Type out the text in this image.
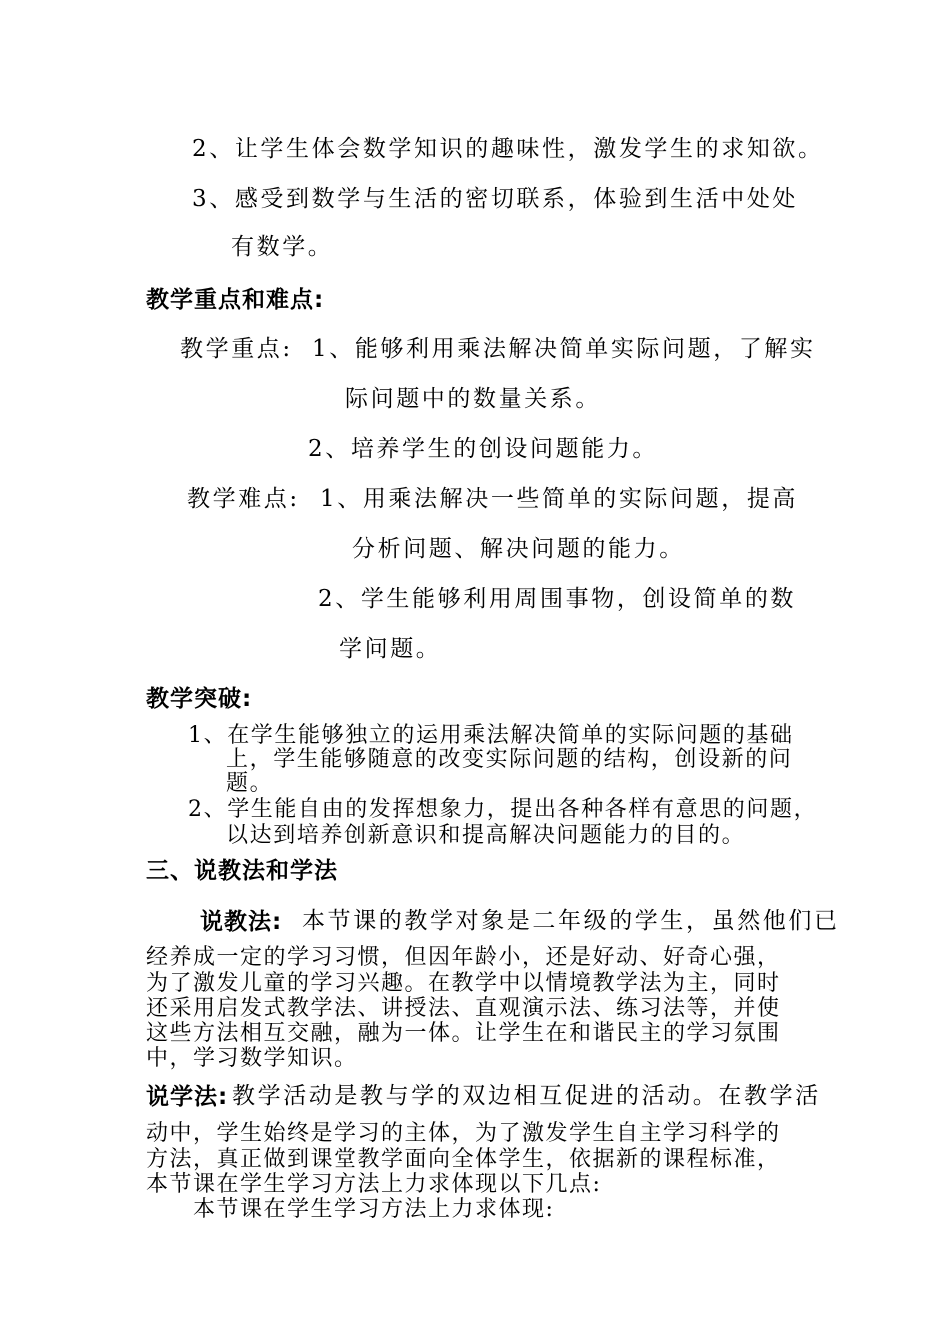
2、让学生体会数学知识的趣味性，激发学生的求知欲。
3、感受到数学与生活的密切联系，体验到生活中处处
有数学。
教学重点和难点:
教学重点: 1、能够利用乘法解决简单实际问题，了解实
际问题中的数量关系。
2、培养学生的创设问题能力。
教学难点: 1、用乘法解决一些简单的实际问题，提高
分析问题、解决问题的能力。
2、学生能够利用周围事物，创设简单的数
学问题。
教学突破:
1、在学生能够独立的运用乘法解决简单的实际问题的基础
上，学生能够随意的改变实际问题的结构，创设新的问
题。
2、学生能自由的发挥想象力，提出各种各样有意思的问题，
以达到培养创新意识和提高解决问题能力的目的。
三、说教法和学法
说教法: 本节课的教学对象是二年级的学生，虽然他们已
经养成一定的学习习惯，但因年龄小，还是好动、好奇心强，
为了激发儿童的学习兴趣。在教学中以情境教学法为主，同时
还采用启发式教学法、讲授法、直观演示法、练习法等，并使
这些方法相互交融，融为一体。让学生在和谐民主的学习氛围
中，学习数学知识。
说学法: 教学活动是教与学的双边相互促进的活动。在教学活
动中，学生始终是学习的主体，为了激发学生自主学习科学的
方法，真正做到课堂教学面向全体学生，依据新的课程标准，
本节课在学生学习方法上力求体现以下几点:
本节课在学生学习方法上力求体现:
